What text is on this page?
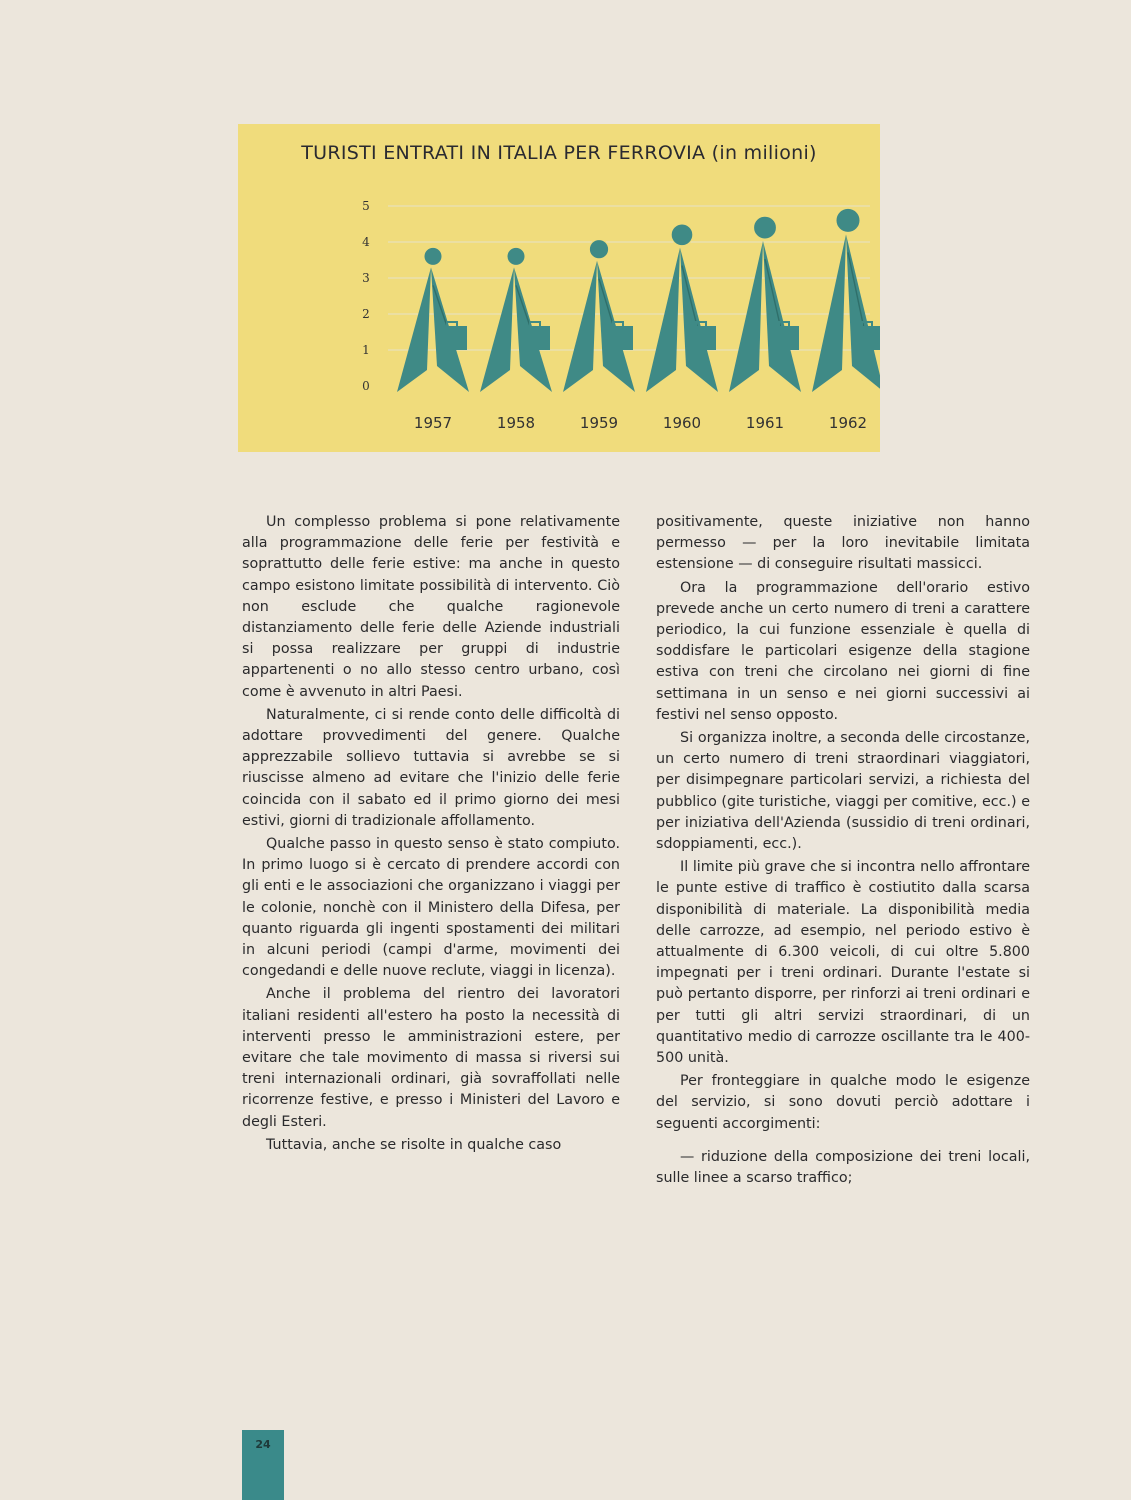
TURISTI ENTRATI IN ITALIA PER FERROVIA (in milioni)
0
1
2
3
4
5
1957	1958	1959	1960	1961	1962

Un complesso problema si pone relativamente alla programmazione delle ferie per festività e soprattutto delle ferie estive: ma anche in questo campo esistono limitate possibilità di intervento. Ciò non esclude che qualche ragionevole distanziamento delle ferie delle Aziende industriali si possa realizzare per gruppi di industrie appartenenti o no allo stesso centro urbano, così come è avvenuto in altri Paesi.

Naturalmente, ci si rende conto delle difficoltà di adottare provvedimenti del genere. Qualche apprezzabile sollievo tuttavia si avrebbe se si riuscisse almeno ad evitare che l'inizio delle ferie coincida con il sabato ed il primo giorno dei mesi estivi, giorni di tradizionale affollamento.

Qualche passo in questo senso è stato compiuto. In primo luogo si è cercato di prendere accordi con gli enti e le associazioni che organizzano i viaggi per le colonie, nonchè con il Ministero della Difesa, per quanto riguarda gli ingenti spostamenti dei militari in alcuni periodi (campi d'arme, movimenti dei congedandi e delle nuove reclute, viaggi in licenza).

Anche il problema del rientro dei lavoratori italiani residenti all'estero ha posto la necessità di interventi presso le amministrazioni estere, per evitare che tale movimento di massa si riversi sui treni internazionali ordinari, già sovraffollati nelle ricorrenze festive, e presso i Ministeri del Lavoro e degli Esteri.

Tuttavia, anche se risolte in qualche caso

positivamente, queste iniziative non hanno permesso — per la loro inevitabile limitata estensione — di conseguire risultati massicci.

Ora la programmazione dell'orario estivo prevede anche un certo numero di treni a carattere periodico, la cui funzione essenziale è quella di soddisfare le particolari esigenze della stagione estiva con treni che circolano nei giorni di fine settimana in un senso e nei giorni successivi ai festivi nel senso opposto.

Si organizza inoltre, a seconda delle circostanze, un certo numero di treni straordinari viaggiatori, per disimpegnare particolari servizi, a richiesta del pubblico (gite turistiche, viaggi per comitive, ecc.) e per iniziativa dell'Azienda (sussidio di treni ordinari, sdoppiamenti, ecc.).

Il limite più grave che si incontra nello affrontare le punte estive di traffico è costiutito dalla scarsa disponibilità di materiale. La disponibilità media delle carrozze, ad esempio, nel periodo estivo è attualmente di 6.300 veicoli, di cui oltre 5.800 impegnati per i treni ordinari. Durante l'estate si può pertanto disporre, per rinforzi ai treni ordinari e per tutti gli altri servizi straordinari, di un quantitativo medio di carrozze oscillante tra le 400-500 unità.

Per fronteggiare in qualche modo le esigenze del servizio, si sono dovuti perciò adottare i seguenti accorgimenti:

— riduzione della composizione dei treni locali, sulle linee a scarso traffico;

24
